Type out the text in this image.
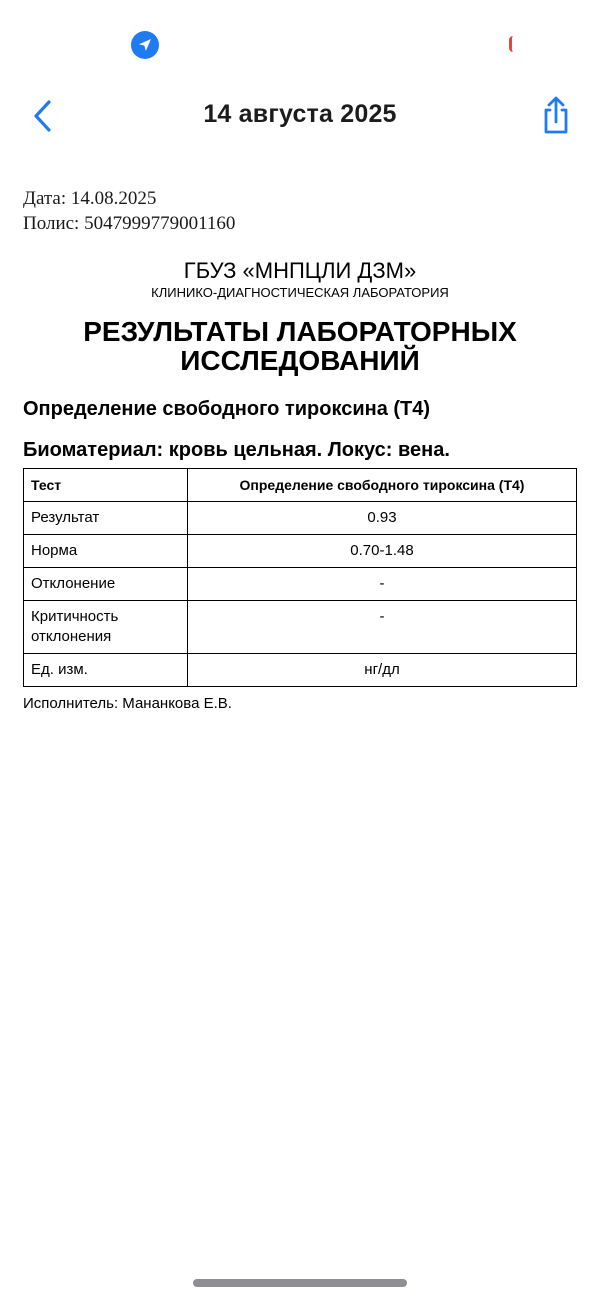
14 августа 2025
Дата: 14.08.2025
Полис: 5047999779001160
ГБУЗ «МНПЦЛИ ДЗМ»
КЛИНИКО-ДИАГНОСТИЧЕСКАЯ ЛАБОРАТОРИЯ
РЕЗУЛЬТАТЫ ЛАБОРАТОРНЫХ
ИССЛЕДОВАНИЙ
Определение свободного тироксина (Т4)
Биоматериал: кровь цельная. Локус: вена.
Тест	Определение свободного тироксина (Т4)
Результат	0.93
Норма	0.70-1.48
Отклонение	-

Критичность
отклонения	-
Ед. изм.	нг/дл
Исполнитель: Мананкова Е.В.
